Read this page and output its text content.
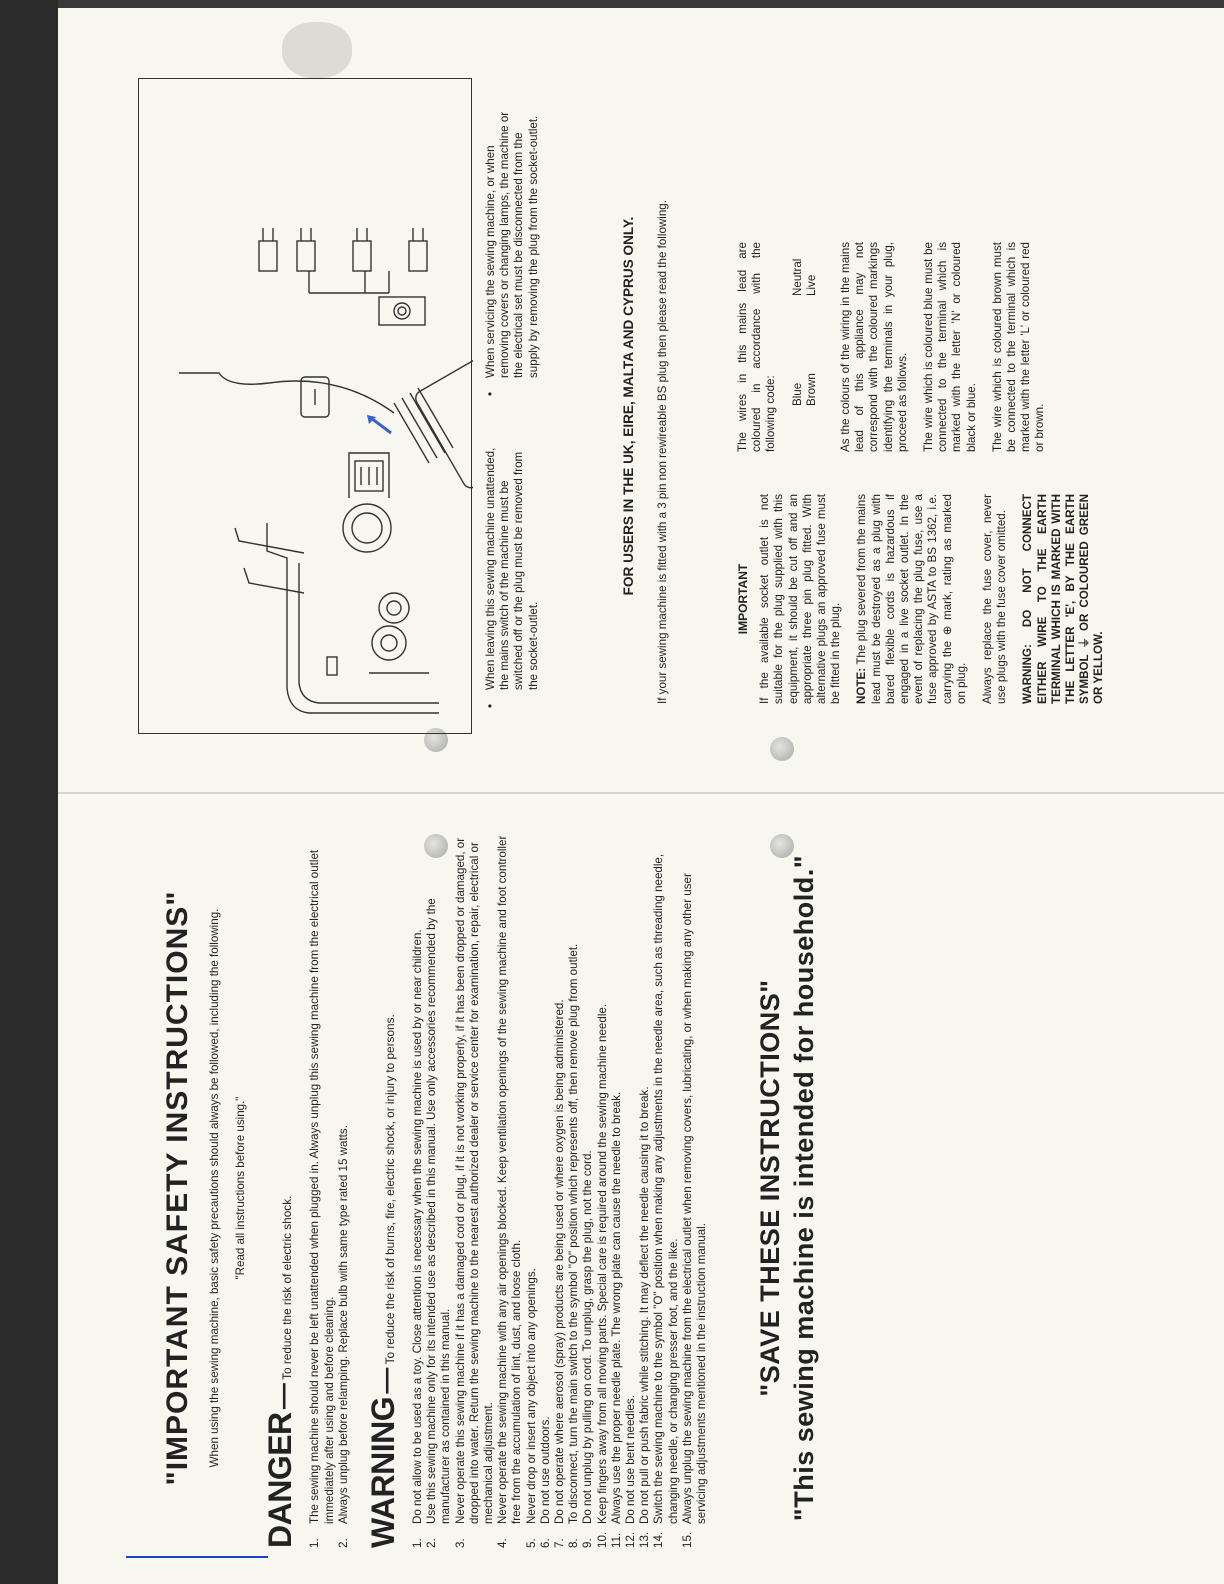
"IMPORTANT SAFETY INSTRUCTIONS" When using the sewing machine, basic safety precautions should always be followed, including the following. "Read all instructions before using."

DANGER — To reduce the risk of electric shock.
1.
The sewing machine should never be left unattended when plugged in. Always unplug this sewing machine from the electrical outlet immediately after using and before cleaning.
2.
Always unplug before relamping. Replace bulb with same type rated 15 watts. WARNING — To reduce the risk of burns, fire, electric shock, or injury to persons.
1.
Do not allow to be used as a toy. Close attention is necessary when the sewing machine is used by or near children.
2.
Use this sewing machine only for its intended use as described in this manual. Use only accessories recommended by the manufacturer as contained in this manual.
3.
Never operate this sewing machine if it has a damaged cord or plug, if it is not working properly, if it has been dropped or damaged, or dropped into water. Return the sewing machine to the nearest authorized dealer or service center for examination, repair, electrical or mechanical adjustment.
4.
Never operate the sewing machine with any air openings blocked. Keep ventilation openings of the sewing machine and foot controller free from the accumulation of lint, dust, and loose cloth.
5.
Never drop or insert any object into any openings.
6.
Do not use outdoors.
7.
Do not operate where aerosol (spray) products are being used or where oxygen is being administered.
8.
To disconnect, turn the main switch to the symbol "O" position which represents off, then remove plug from outlet.
9.
Do not unplug by pulling on cord. To unplug, grasp the plug, not the cord.
10.
Keep fingers away from all moving parts. Special care is required around the sewing machine needle.
11.
Always use the proper needle plate. The wrong plate can cause the needle to break.
12.
Do not use bent needles.
13.
Do not pull or push fabric while stitching. It may deflect the needle causing it to break.
14.
Switch the sewing machine to the symbol "O" position when making any adjustments in the needle area, such as threading needle, changing needle, or changing presser foot, and the like.
15.
Always unplug the sewing machine from the electrical outlet when removing covers, lubricating, or when making any other user servicing adjustments mentioned in the instruction manual. "SAVE THESE INSTRUCTIONS" "This sewing machine is intended for household."
•
When leaving this sewing machine unattended, the mains switch of the machine must be switched off or the plug must be removed from the socket-outlet.
•
When servicing the sewing machine, or when removing covers or changing lamps, the machine or the electrical set must be disconnected from the supply by removing the plug from the socket-outlet.	FOR USERS IN THE UK, EIRE, MALTA AND CYPRUS ONLY. If your sewing machine is fitted with a 3 pin non rewireable BS plug then please read the following.	IMPORTANT If the available socket outlet is not suitable for the plug supplied with this equipment, it should be cut off and an appropriate three pin plug fitted. With alternative plugs an approved fuse must be fitted in the plug. NOTE: The plug severed from the mains lead must be destroyed as a plug with bared flexible cords is hazardous if engaged in a live socket outlet. In the event of replacing the plug fuse, use a fuse approved by ASTA to BS 1362, i.e. carrying the ⊕ mark, rating as marked on plug. Always replace the fuse cover, never use plugs with the fuse cover omitted. WARNING: DO NOT CONNECT EITHER WIRE TO THE EARTH TERMINAL WHICH IS MARKED WITH THE LETTER 'E', BY THE EARTH SYMBOL ⏚ OR COLOURED GREEN OR YELLOW.

The wires in this mains lead are coloured in accordance with the following code: Blue
Neutral
Brown
Live As the colours of the wiring in the mains lead of this appliance may not correspond with the coloured markings identifying the terminals in your plug, proceed as follows. The wire which is coloured blue must be connected to the terminal which is marked with the letter 'N' or coloured black or blue. The wire which is coloured brown must be connected to the terminal which is marked with the letter 'L' or coloured red or brown.
